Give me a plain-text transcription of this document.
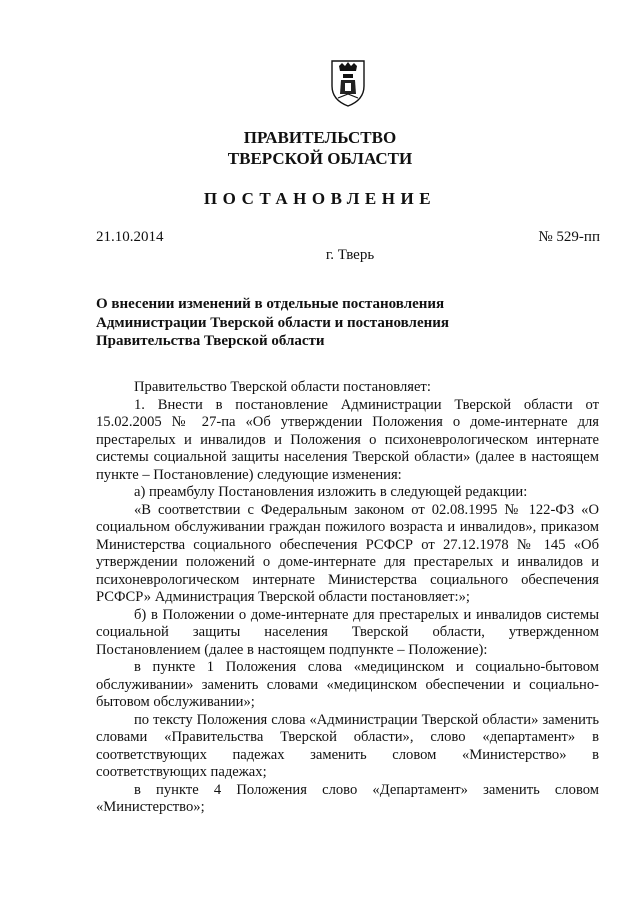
ПРАВИТЕЛЬСТВО
ТВЕРСКОЙ ОБЛАСТИ
ПОСТАНОВЛЕНИЕ
21.10.2014	№ 529-пп
г. Тверь
О внесении изменений в отдельные постановления
Администрации Тверской области и постановления
Правительства Тверской области

Правительство Тверской области постановляет:

1. Внести в постановление Администрации Тверской области от 15.02.2005 № 27-па «Об утверждении Положения о доме-интернате для престарелых и инвалидов и Положения о психоневрологическом интернате системы социальной защиты населения Тверской области» (далее в настоящем пункте – Постановление) следующие изменения:

а) преамбулу Постановления изложить в следующей редакции:

«В соответствии с Федеральным законом от 02.08.1995 № 122-ФЗ «О социальном обслуживании граждан пожилого возраста и инвалидов», приказом Министерства социального обеспечения РСФСР от 27.12.1978 № 145 «Об утверждении положений о доме-интернате для престарелых и инвалидов и психоневрологическом интернате Министерства социального обеспечения РСФСР» Администрация Тверской области постановляет:»;

б) в Положении о доме-интернате для престарелых и инвалидов системы социальной защиты населения Тверской области, утвержденном Постановлением (далее в настоящем подпункте – Положение):

в пункте 1 Положения слова «медицинском и социально-бытовом обслуживании» заменить словами «медицинском обеспечении и социально-бытовом обслуживании»;

по тексту Положения слова «Администрации Тверской области» заменить словами «Правительства Тверской области», слово «департамент» в соответствующих падежах заменить словом «Министерство» в соответствующих падежах;

в пункте 4 Положения слово «Департамент» заменить словом «Министерство»;
